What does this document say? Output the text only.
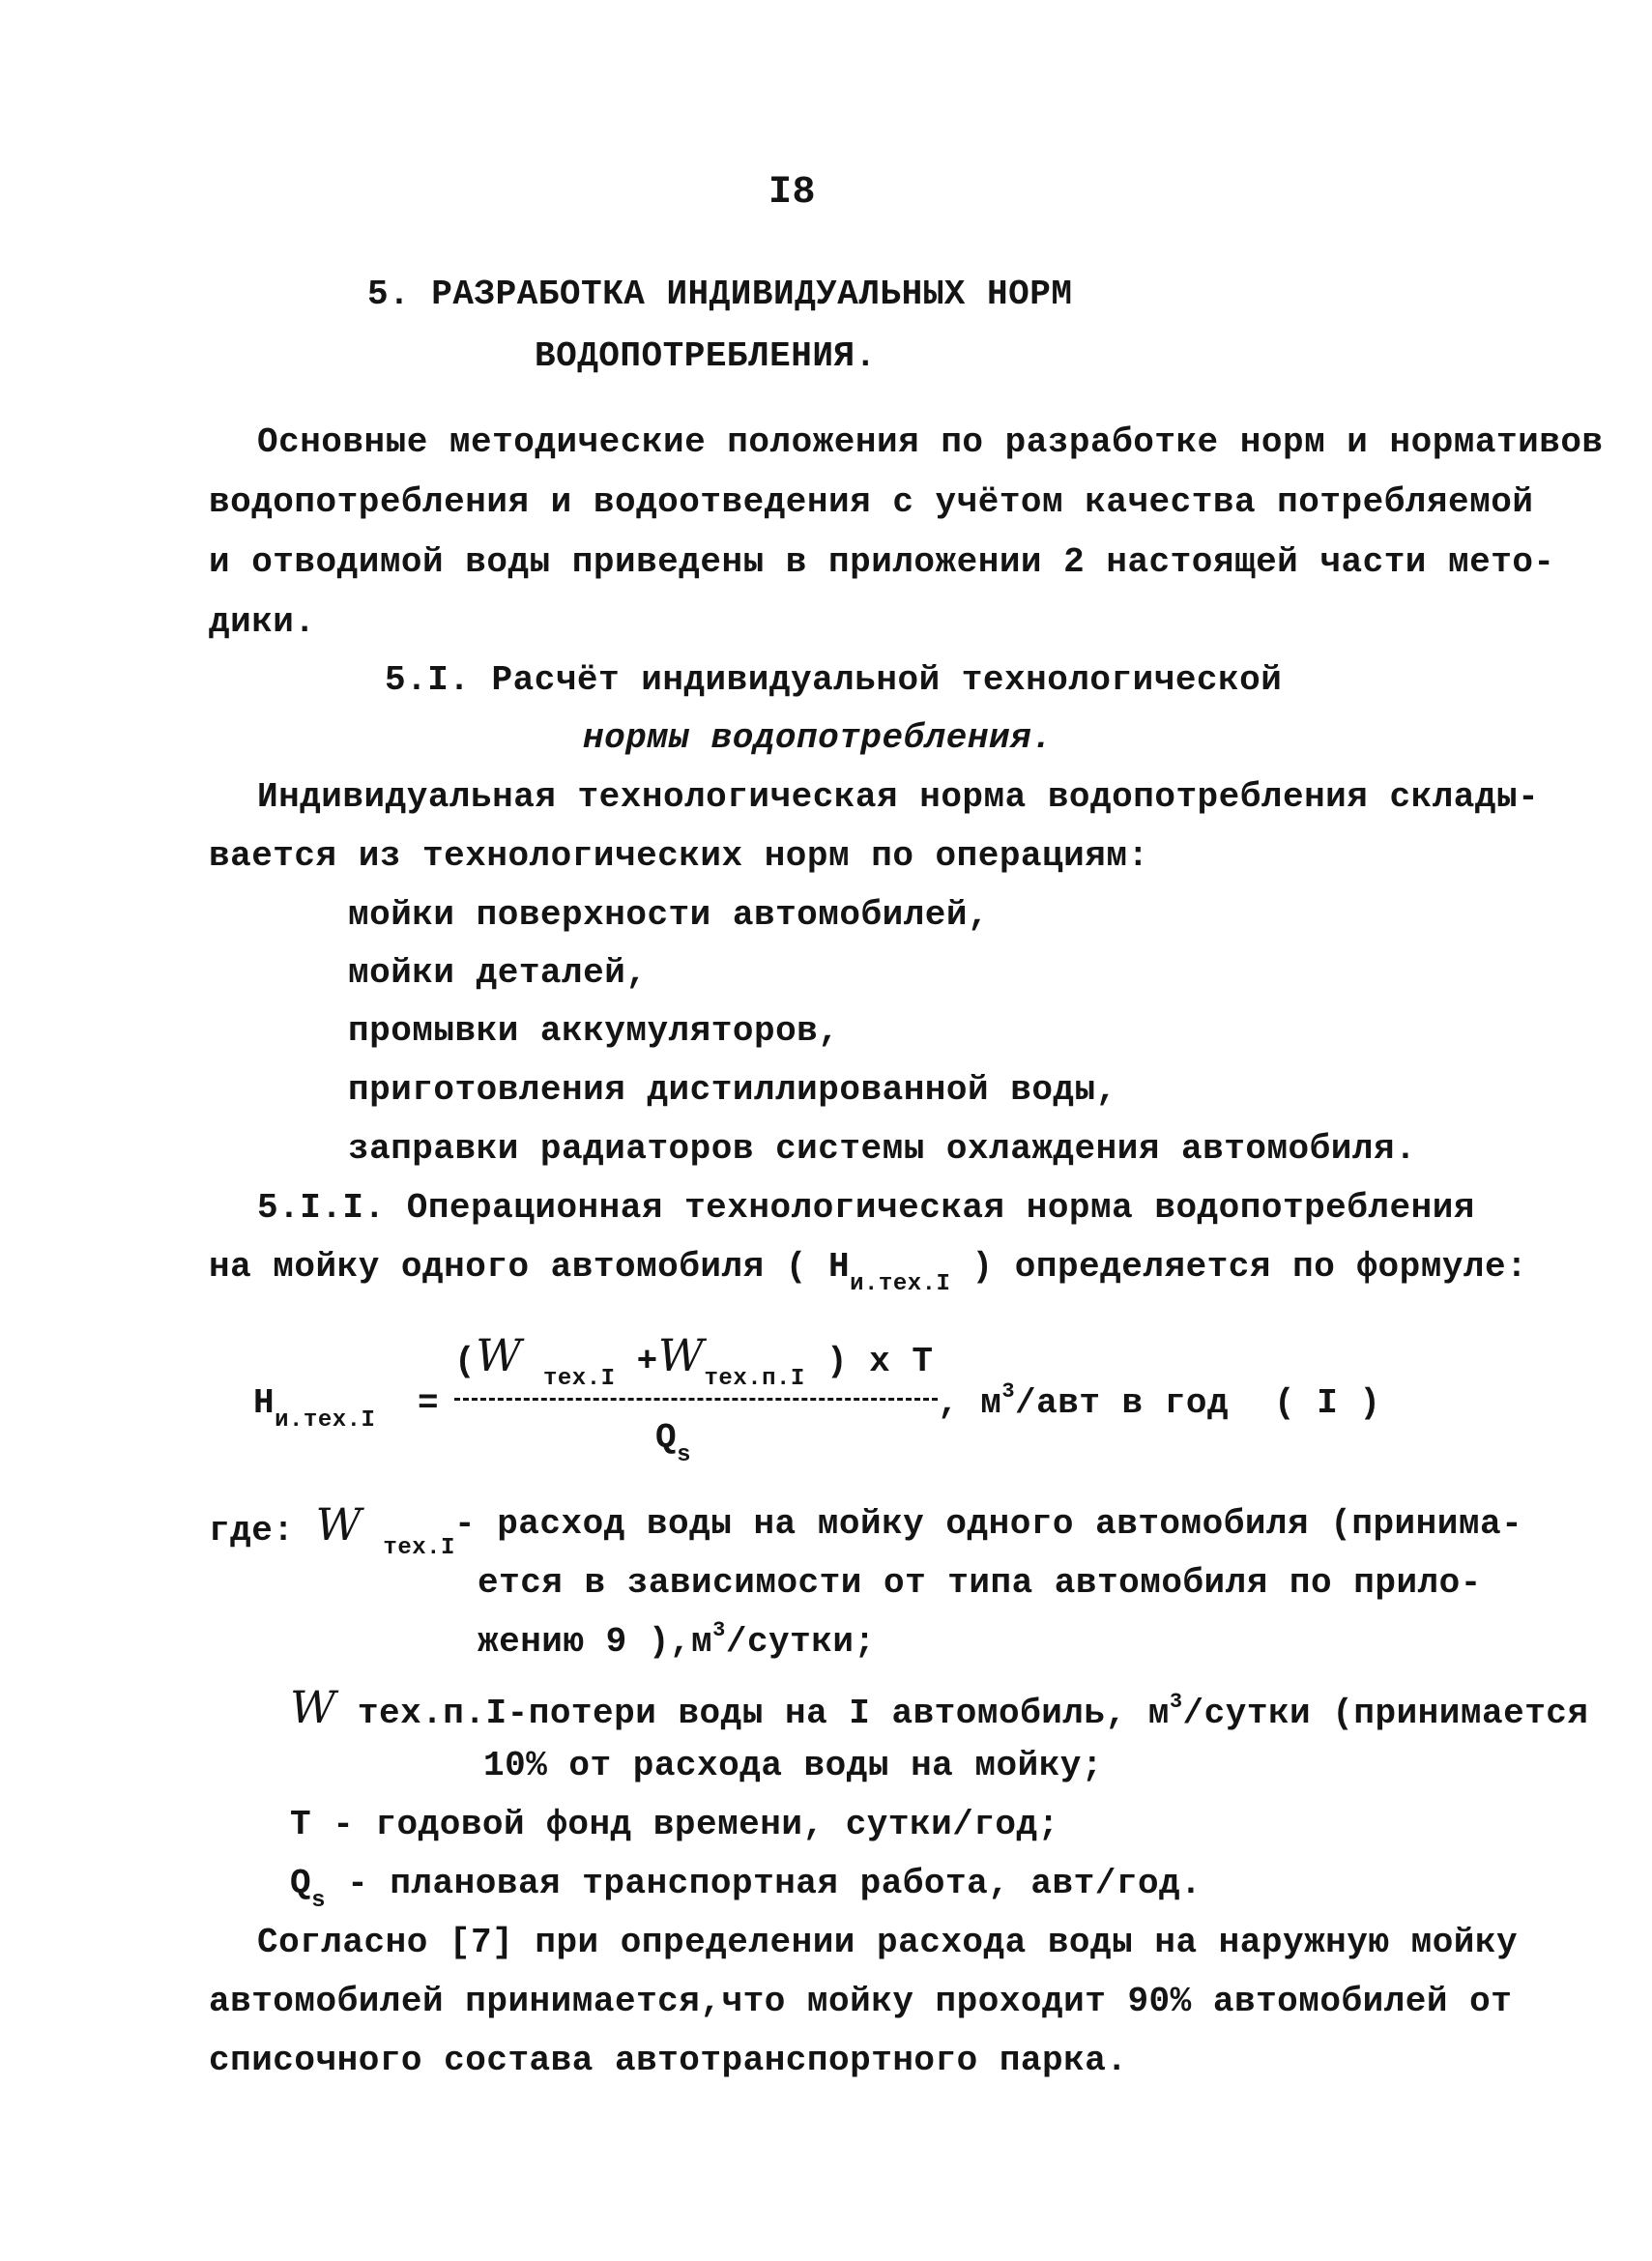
I8
5. РАЗРАБОТКА ИНДИВИДУАЛЬНЫХ НОРМ
ВОДОПОТРЕБЛЕНИЯ.
Основные методические положения по разработке норм и нормативов
водопотребления и водоотведения с учётом качества потребляемой
и отводимой воды приведены в приложении 2 настоящей части мето-
дики.
5.I. Расчёт индивидуальной технологической
нормы водопотребления.
Индивидуальная технологическая норма водопотребления склады-
вается из технологических норм по операциям:
мойки поверхности автомобилей,
мойки деталей,
промывки аккумуляторов,
приготовления дистиллированной воды,
заправки радиаторов системы охлаждения автомобиля.
5.I.I. Операционная технологическая норма водопотребления
на мойку одного автомобиля ( $Н_{и.тех.I}$ ) определяется по формуле:
$Н_{и.тех.I}$ =
(W $_{тех.I} +W_{тех.п.I}$ ) x Т
$Q_s$
, $м^3$/авт в год ( I )
где: W $_{тех.I}$
- расход воды на мойку одного автомобиля (принима-
ется в зависимости от типа автомобиля по прило-
жению 9 )$,м^3$/сутки;
W тех.п.I-потери воды на I автомобиль, $м^3$/сутки (принимается
10% от расхода воды на мойку;
Т - годовой фонд времени, сутки/год;
$Q_s$ - плановая транспортная работа, авт/год.
Согласно [7] при определении расхода воды на наружную мойку
автомобилей принимается,что мойку проходит 90% автомобилей от
списочного состава автотранспортного парка.
